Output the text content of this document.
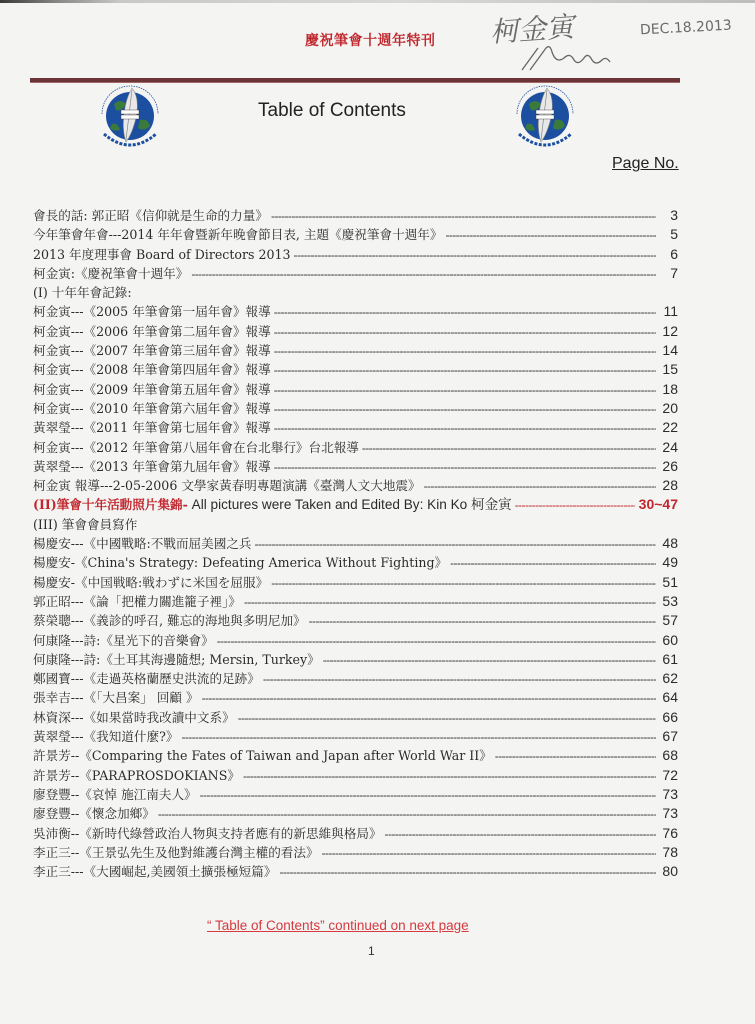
柯金寅	DEC.18.2013
慶祝筆會十週年特刊
Table of Contents
Page No.
會長的話: 郭正昭《信仰就是生命的力量》 -----	3
今年筆會年會---2014 年年會暨新年晚會節目表, 主題《慶祝筆會十週年》 -----	5
2013 年度理事會 Board of Directors 2013 -----	6
柯金寅:《慶祝筆會十週年》 -----	7
(I) 十年年會記錄:
柯金寅---《2005 年筆會第一屆年會》報導 -----	11
柯金寅---《2006 年筆會第二屆年會》報導 -----	12
柯金寅---《2007 年筆會第三屆年會》報導 -----	14
柯金寅---《2008 年筆會第四屆年會》報導 -----	15
柯金寅---《2009 年筆會第五屆年會》報導 -----	18
柯金寅---《2010 年筆會第六屆年會》報導 -----	20
黃翠瑩---《2011 年筆會第七屆年會》報導 -----	22
柯金寅---《2012 年筆會第八屆年會在台北舉行》台北報導 -----	24
黃翠瑩---《2013 年筆會第九屆年會》報導 -----	26
柯金寅 報導---2-05-2006 文學家黃春明專題演講《臺灣人文大地震》 -----	28
(II)筆會十年活動照片集錦- All pictures were Taken and Edited By: Kin Ko 柯金寅 -----	30~47
(III) 筆會會員寫作
楊慶安---《中國戰略:不戰而屈美國之兵 -----	48
楊慶安-《China's Strategy: Defeating America Without Fighting》 -----	49
楊慶安-《中国戦略:戦わずに米国を屈服》 -----	51
郭正昭---《論「把權力關進籠子裡」》 -----	53
蔡榮聰---《義診的呼召, 難忘的海地與多明尼加》 -----	57
何康隆---詩:《星光下的音樂會》 -----	60
何康隆---詩:《土耳其海邊隨想; Mersin, Turkey》 -----	61
鄭國寶---《走過英格蘭歷史洪流的足跡》 -----	62
張幸吉---《「大昌案」 回顧 》 -----	64
林資深---《如果當時我改讀中文系》 -----	66
黃翠瑩---《我知道什麼?》 -----	67
許景芳--《Comparing the Fates of Taiwan and Japan after World War II》 -----	68
許景芳--《PARAPROSDOKIANS》 -----	72
廖登豐--《哀悼 施江南夫人》 -----	73
廖登豐--《懷念加鄉》 -----	73
吳沛衡--《新時代綠營政治人物與支持者應有的新思維與格局》 -----	76
李正三--《王景弘先生及他對維護台灣主權的看法》 -----	78
李正三---《大國崛起,美國領土擴張極短篇》 -----	80
“ Table of Contents” continued on next page
1
